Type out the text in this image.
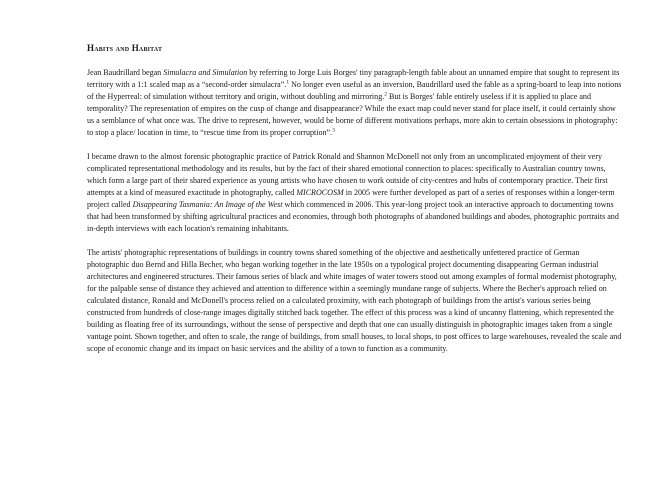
Habits and Habitat

Jean Baudrillard began Simulacra and Simulation by referring to Jorge Luis Borges' tiny paragraph-length fable about an unnamed empire that sought to represent its territory with a 1:1 scaled map as a “second-order simulacra”.$^1$ No longer even useful as an inversion, Baudrillard used the fable as a spring-board to leap into notions of the Hyperreal: of simulation without territory and origin, without doubling and mirroring.$^2$ But is Borges' fable entirely useless if it is applied to place and temporality? The representation of empires on the cusp of change and disappearance? While the exact map could never stand for place itself, it could certainly show us a semblance of what once was. The drive to represent, however, would be borne of different motivations perhaps, more akin to certain obsessions in photography: to stop a place/ location in time, to “rescue time from its proper corruption”.$^3$

I became drawn to the almost forensic photographic practice of Patrick Ronald and Shannon McDonell not only from an uncomplicated enjoyment of their very complicated representational methodology and its results, but by the fact of their shared emotional connection to places: specifically to Australian country towns, which form a large part of their shared experience as young artists who have chosen to work outside of city-centres and hubs of contemporary practice. Their first attempts at a kind of measured exactitude in photography, called MICROCOSM in 2005 were further developed as part of a series of responses within a longer-term project called Disappearing Tasmania: An Image of the West which commenced in 2006. This year-long project took an interactive approach to documenting towns that had been transformed by shifting agricultural practices and economies, through both photographs of abandoned buildings and abodes, photographic portraits and in-depth interviews with each location's remaining inhabitants.

The artists' photographic representations of buildings in country towns shared something of the objective and aesthetically unfettered practice of German photographic duo Bernd and Hilla Becher, who began working together in the late 1950s on a typological project documenting disappearing German industrial architectures and engineered structures. Their famous series of black and white images of water towers stood out among examples of formal modernist photography, for the palpable sense of distance they achieved and attention to difference within a seemingly mundane range of subjects. Where the Becher's approach relied on calculated distance, Ronald and McDonell's process relied on a calculated proximity, with each photograph of buildings from the artist's various series being constructed from hundreds of close-range images digitally stitched back together. The effect of this process was a kind of uncanny flattening, which represented the building as floating free of its surroundings, without the sense of perspective and depth that one can usually distinguish in photographic images taken from a single vantage point. Shown together, and often to scale, the range of buildings, from small houses, to local shops, to post offices to large warehouses, revealed the scale and scope of economic change and its impact on basic services and the ability of a town to function as a community.
